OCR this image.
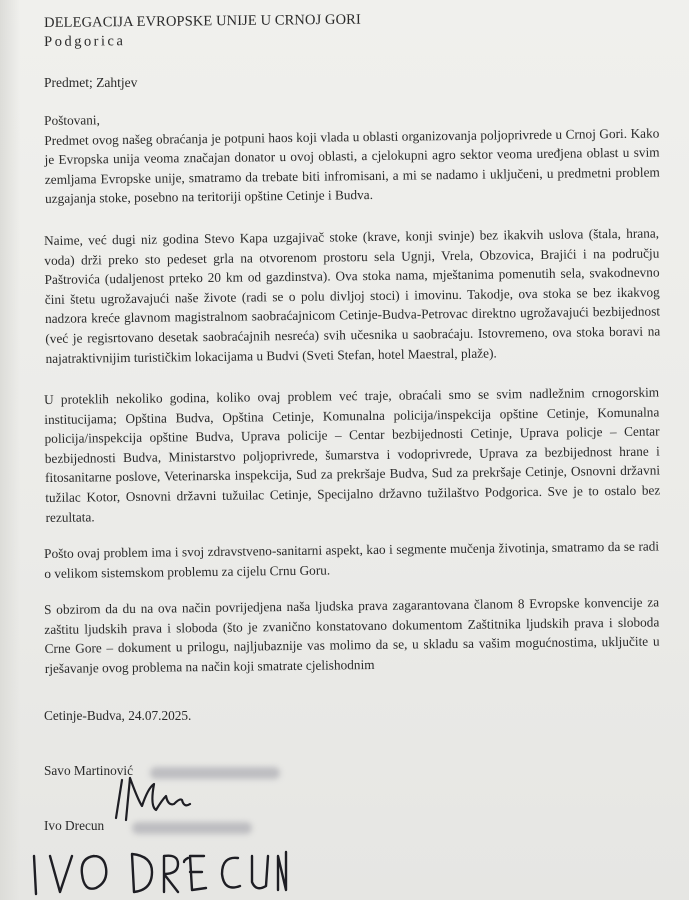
DELEGACIJA EVROPSKE UNIJE U CRNOJ GORI
Podgorica
Predmet; Zahtjev
Poštovani,

Predmet ovog našeg obraćanja je potpuni haos koji vlada u oblasti organizovanja poljoprivrede u Crnoj Gori. Kako je Evropska unija veoma značajan donator u ovoj oblasti, a cjelokupni agro sektor veoma uređjena oblast u svim zemljama Evropske unije, smatramo da trebate biti infromisani, a mi se nadamo i uključeni, u predmetni problem uzgajanja stoke, posebno na teritoriji opštine Cetinje i Budva.

Naime, već dugi niz godina Stevo Kapa uzgajivač stoke (krave, konji svinje) bez ikakvih uslova (štala, hrana, voda) drži preko sto pedeset grla na otvorenom prostoru sela Ugnji, Vrela, Obzovica, Brajići i na području Paštrovića (udaljenost prteko 20 km od gazdinstva). Ova stoka nama, mještanima pomenutih sela, svakodnevno čini štetu ugrožavajući naše živote (radi se o polu divljoj stoci) i imovinu. Takodje, ova stoka se bez ikakvog nadzora kreće glavnom magistralnom saobraćajnicom Cetinje-Budva-Petrovac direktno ugrožavajući bezbijednost (već je regisrtovano desetak saobraćajnih nesreća) svih učesnika u saobraćaju. Istovremeno, ova stoka boravi na najatraktivnijim turističkim lokacijama u Budvi (Sveti Stefan, hotel Maestral, plaže).

U proteklih nekoliko godina, koliko ovaj problem već traje, obraćali smo se svim nadležnim crnogorskim institucijama; Opština Budva, Opština Cetinje, Komunalna policija/inspekcija opštine Cetinje, Komunalna policija/inspekcija opštine Budva, Uprava policije – Centar bezbijednosti Cetinje, Uprava policje – Centar bezbijednosti Budva, Ministarstvo poljoprivrede, šumarstva i vodoprivrede, Uprava za bezbijednost hrane i fitosanitarne poslove, Veterinarska inspekcija, Sud za prekršaje Budva, Sud za prekršaje Cetinje, Osnovni državni tužilac Kotor, Osnovni državni tužuilac Cetinje, Specijalno državno tužilaštvo Podgorica. Sve je to ostalo bez rezultata.

Pošto ovaj problem ima i svoj zdravstveno-sanitarni aspekt, kao i segmente mučenja životinja, smatramo da se radi o velikom sistemskom problemu za cijelu Crnu Goru.

S obzirom da du na ova način povrijedjena naša ljudska prava zagarantovana članom 8 Evropske konvencije za zaštitu ljudskih prava i sloboda (što je zvanično konstatovano dokumentom Zaštitnika ljudskih prava i sloboda Crne Gore – dokument u prilogu, najljubaznije vas molimo da se, u skladu sa vašim mogućnostima, uključite u rješavanje ovog problema na način koji smatrate cjelishodnim

Cetinje-Budva, 24.07.2025.
Savo Martinović
Ivo Drecun
